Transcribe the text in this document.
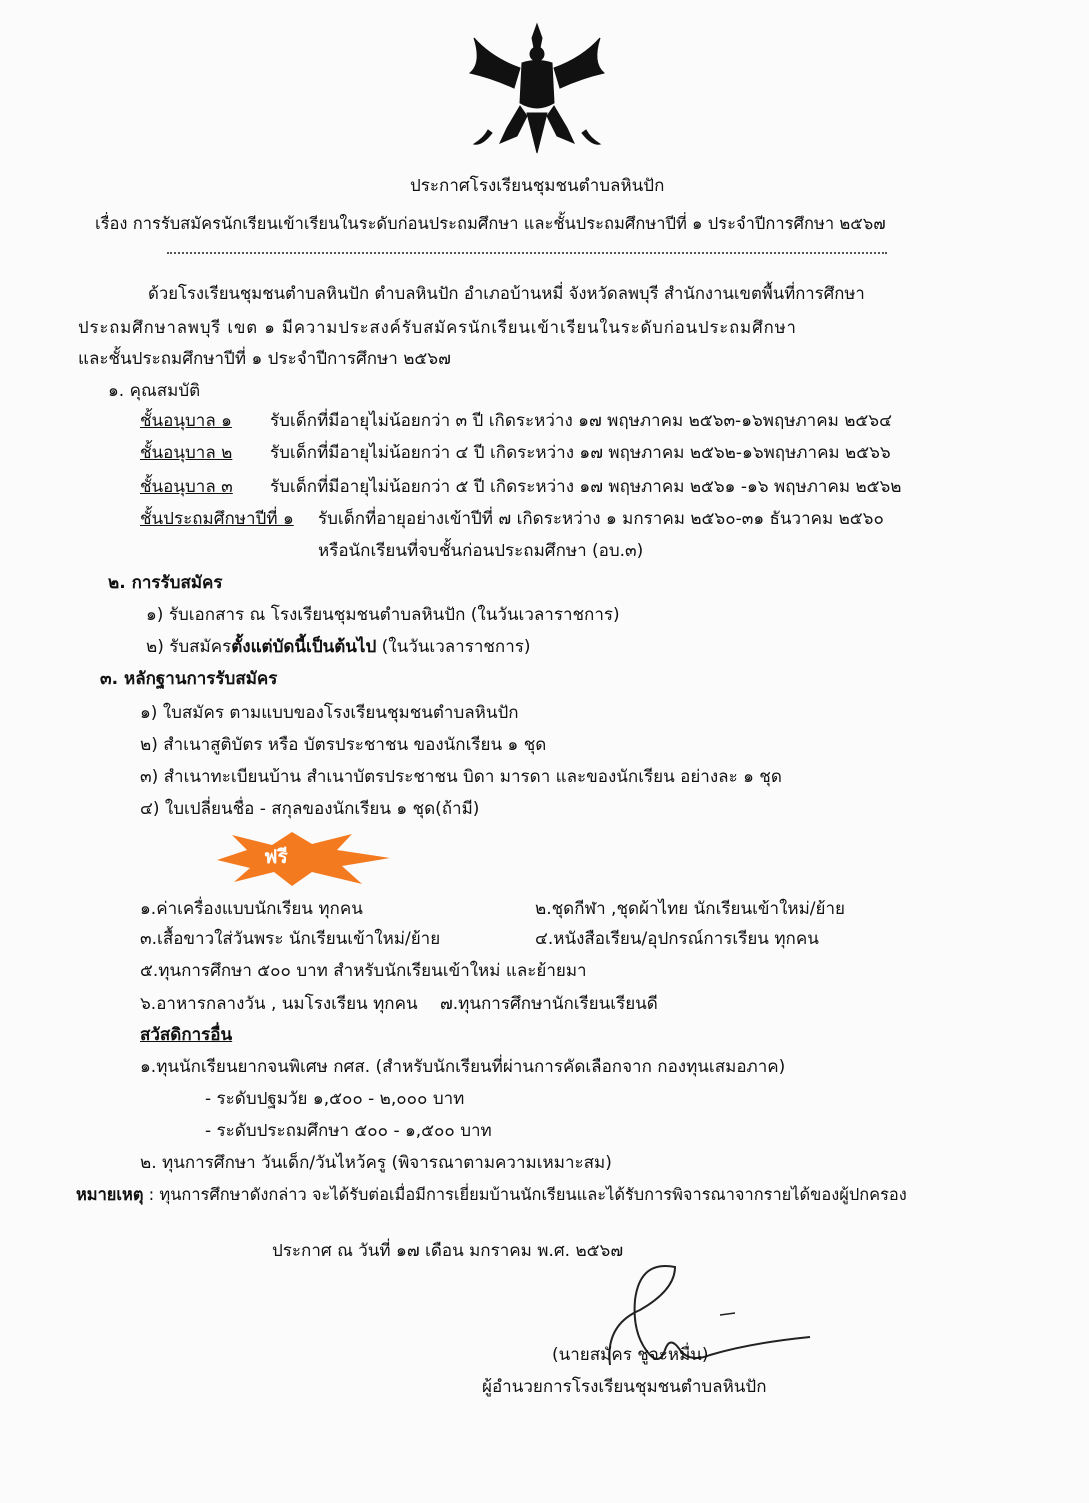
ประกาศโรงเรียนชุมชนตำบลหินปัก
เรื่อง การรับสมัครนักเรียนเข้าเรียนในระดับก่อนประถมศึกษา และชั้นประถมศึกษาปีที่ ๑ ประจำปีการศึกษา ๒๕๖๗
ด้วยโรงเรียนชุมชนตำบลหินปัก ตำบลหินปัก อำเภอบ้านหมี่ จังหวัดลพบุรี สำนักงานเขตพื้นที่การศึกษา
ประถมศึกษาลพบุรี เขต ๑ มีความประสงค์รับสมัครนักเรียนเข้าเรียนในระดับก่อนประถมศึกษา
และชั้นประถมศึกษาปีที่ ๑ ประจำปีการศึกษา ๒๕๖๗
๑. คุณสมบัติ
ชั้นอนุบาล ๑ รับเด็กที่มีอายุไม่น้อยกว่า ๓ ปี เกิดระหว่าง ๑๗ พฤษภาคม ๒๕๖๓-๑๖พฤษภาคม ๒๕๖๔
ชั้นอนุบาล ๒ รับเด็กที่มีอายุไม่น้อยกว่า ๔ ปี เกิดระหว่าง ๑๗ พฤษภาคม ๒๕๖๒-๑๖พฤษภาคม ๒๕๖๖
ชั้นอนุบาล ๓ รับเด็กที่มีอายุไม่น้อยกว่า ๕ ปี เกิดระหว่าง ๑๗ พฤษภาคม ๒๕๖๑ -๑๖ พฤษภาคม ๒๕๖๒
ชั้นประถมศึกษาปีที่ ๑ รับเด็กที่อายุอย่างเข้าปีที่ ๗ เกิดระหว่าง ๑ มกราคม ๒๕๖๐-๓๑ ธันวาคม ๒๕๖๐
หรือนักเรียนที่จบชั้นก่อนประถมศึกษา (อบ.๓)
๒. การรับสมัคร
๑) รับเอกสาร ณ โรงเรียนชุมชนตำบลหินปัก (ในวันเวลาราชการ)
๒) รับสมัครตั้งแต่บัดนี้เป็นต้นไป (ในวันเวลาราชการ)
๓. หลักฐานการรับสมัคร
๑) ใบสมัคร ตามแบบของโรงเรียนชุมชนตำบลหินปัก
๒) สำเนาสูติบัตร หรือ บัตรประชาชน ของนักเรียน ๑ ชุด
๓) สำเนาทะเบียนบ้าน สำเนาบัตรประชาชน บิดา มารดา และของนักเรียน อย่างละ ๑ ชุด
๔) ใบเปลี่ยนชื่อ - สกุลของนักเรียน ๑ ชุด(ถ้ามี)
ฟรี
๑.ค่าเครื่องแบบนักเรียน ทุกคน	๒.ชุดกีฬา ,ชุดผ้าไทย นักเรียนเข้าใหม่/ย้าย
๓.เสื้อขาวใส่วันพระ นักเรียนเข้าใหม่/ย้าย	๔.หนังสือเรียน/อุปกรณ์การเรียน ทุกคน
๕.ทุนการศึกษา ๕๐๐ บาท สำหรับนักเรียนเข้าใหม่ และย้ายมา
๖.อาหารกลางวัน , นมโรงเรียน ทุกคน ๗.ทุนการศึกษานักเรียนเรียนดี
สวัสดิการอื่น
๑.ทุนนักเรียนยากจนพิเศษ กศส. (สำหรับนักเรียนที่ผ่านการคัดเลือกจาก กองทุนเสมอภาค)
- ระดับปฐมวัย ๑,๕๐๐ - ๒,๐๐๐ บาท
- ระดับประถมศึกษา ๕๐๐ - ๑,๕๐๐ บาท
๒. ทุนการศึกษา วันเด็ก/วันไหว้ครู (พิจารณาตามความเหมาะสม)
หมายเหตุ : ทุนการศึกษาดังกล่าว จะได้รับต่อเมื่อมีการเยี่ยมบ้านนักเรียนและได้รับการพิจารณาจากรายได้ของผู้ปกครอง
ประกาศ ณ วันที่ ๑๗ เดือน มกราคม พ.ศ. ๒๕๖๗
(นายสมัคร ชูจะหมื่น)
ผู้อำนวยการโรงเรียนชุมชนตำบลหินปัก
